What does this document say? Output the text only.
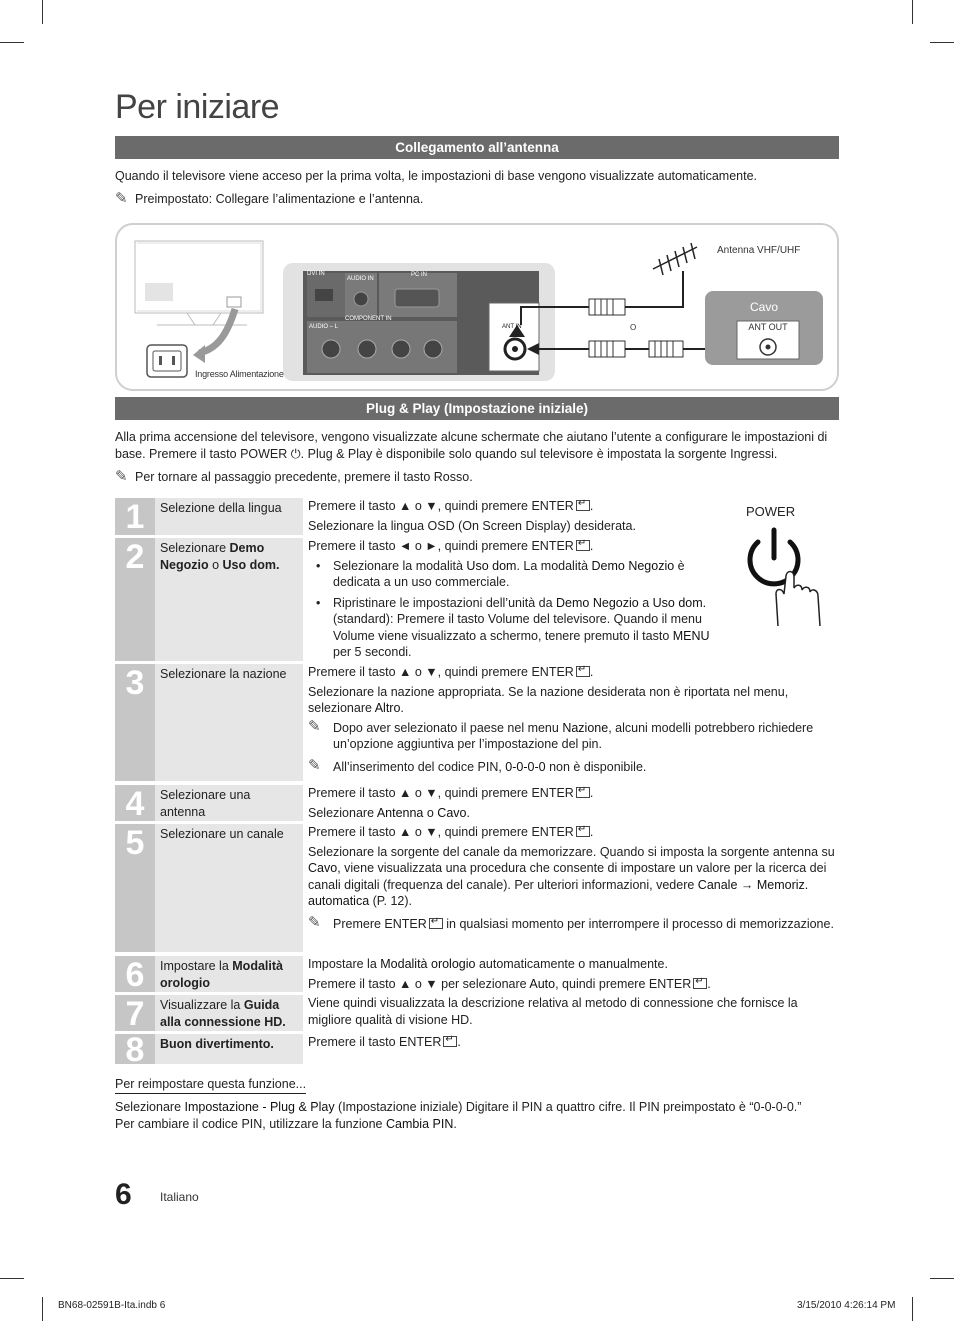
Per iniziare
Collegamento all’antenna
Quando il televisore viene acceso per la prima volta, le impostazioni di base vengono visualizzate automaticamente.
✎ Preimpostato: Collegare l’alimentazione e l’antenna.
Antenna VHF/UHF
Ingresso Alimentazione
Cavo
ANT OUT
DVI IN
AUDIO IN
PC IN
COMPONENT IN
AUDIO – L	ANT IN	O
Plug & Play (Impostazione iniziale)
Alla prima accensione del televisore, vengono visualizzate alcune schermate che aiutano l’utente a configurare le impostazioni di base. Premere il tasto POWER ⏻. Plug & Play è disponibile solo quando sul televisore è impostata la sorgente Ingressi.
✎ Per tornare al passaggio precedente, premere il tasto Rosso.
POWER
1	Selezione della lingua	Premere il tasto ▲ o ▼, quindi premere ENTER ↵ .

Selezionare la lingua OSD (On Screen Display) desiderata.

2	Selezionare Demo Negozio o Uso dom.

Premere il tasto ◄ o ►, quindi premere ENTER ↵ .

• Selezionare la modalità Uso dom. La modalità Demo Negozio è dedicata a un uso commerciale.
• Ripristinare le impostazioni dell’unità da Demo Negozio a Uso dom. (standard): Premere il tasto Volume del televisore. Quando il menu Volume viene visualizzato a schermo, tenere premuto il tasto MENU per 5 secondi.
3	Selezionare la nazione	Premere il tasto ▲ o ▼, quindi premere ENTER ↵ .

Selezionare la nazione appropriata. Se la nazione desiderata non è riportata nel menu, selezionare Altro.

✎ Dopo aver selezionato il paese nel menu Nazione, alcuni modelli potrebbero richiedere un’opzione aggiuntiva per l’impostazione del pin.

✎ All’inserimento del codice PIN, 0-0-0-0 non è disponibile.

4	Selezionare una antenna

Premere il tasto ▲ o ▼, quindi premere ENTER ↵ .

Selezionare Antenna o Cavo.

5	Selezionare un canale	Premere il tasto ▲ o ▼, quindi premere ENTER ↵ .

Selezionare la sorgente del canale da memorizzare. Quando si imposta la sorgente antenna su Cavo, viene visualizzata una procedura che consente di impostare un valore per la ricerca dei canali digitali (frequenza del canale). Per ulteriori informazioni, vedere Canale → Memoriz. automatica (P. 12).

✎ Premere ENTER↵ in qualsiasi momento per interrompere il processo di memorizzazione.

6	Impostare la Modalità orologio

Impostare la Modalità orologio automaticamente o manualmente.

Premere il tasto ▲ o ▼ per selezionare Auto, quindi premere ENTER ↵ .

7	Visualizzare la Guida alla connessione HD.
Viene quindi visualizzata la descrizione relativa al metodo di connessione che fornisce la migliore qualità di visione HD.
8	Buon divertimento.	Premere il tasto ENTER ↵ .
Per reimpostare questa funzione...
Selezionare Impostazione - Plug & Play (Impostazione iniziale) Digitare il PIN a quattro cifre. Il PIN preimpostato è “0-0-0-0.”
Per cambiare il codice PIN, utilizzare la funzione Cambia PIN.
6 Italiano
BN68-02591B-Ita.indb 6	3/15/2010 4:26:14 PM
